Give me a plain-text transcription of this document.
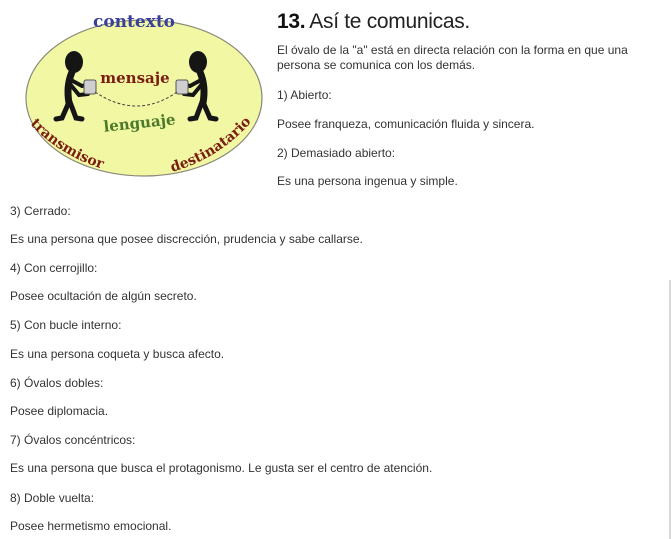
contexto
mensaje
lenguaje
transmisor	destinatario
13. Así te comunicas.

El óvalo de la "a" está en directa relación con la forma en que una persona se comunica con los demás.

1) Abierto:

Posee franqueza, comunicación fluida y sincera.

2) Demasiado abierto:

Es una persona ingenua y simple.

3) Cerrado:

Es una persona que posee discrección, prudencia y sabe callarse.

4) Con cerrojillo:

Posee ocultación de algún secreto.

5) Con bucle interno:

Es una persona coqueta y busca afecto.

6) Óvalos dobles:

Posee diplomacia.

7) Óvalos concéntricos:

Es una persona que busca el protagonismo. Le gusta ser el centro de atención.

8) Doble vuelta:

Posee hermetismo emocional.
